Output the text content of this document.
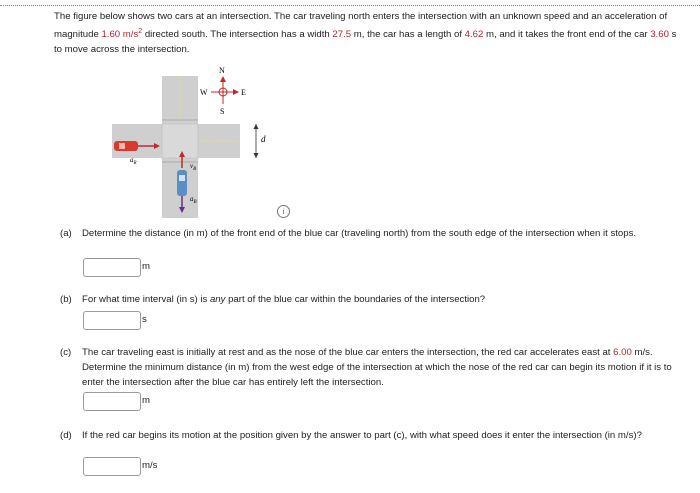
The figure below shows two cars at an intersection. The car traveling north enters the intersection with an unknown speed and an acceleration of magnitude 1.60 $m/s^2$ directed south. The intersection has a width 27.5 m, the car has a length of 4.62 m, and it takes the front end of the car 3.60 s to move across the intersection.
N
S
E
W
d
$a_R$	$v_B$
$a_B$
i
(a) Determine the distance (in m) of the front end of the blue car (traveling north) from the south edge of the intersection when it stops.
m
(b) For what time interval (in s) is any part of the blue car within the boundaries of the intersection?
s
(c) The car traveling east is initially at rest and as the nose of the blue car enters the intersection, the red car accelerates east at 6.00 m/s. Determine the minimum distance (in m) from the west edge of the intersection at which the nose of the red car can begin its motion if it is to enter the intersection after the blue car has entirely left the intersection.
m
(d) If the red car begins its motion at the position given by the answer to part (c), with what speed does it enter the intersection (in m/s)?
m/s
